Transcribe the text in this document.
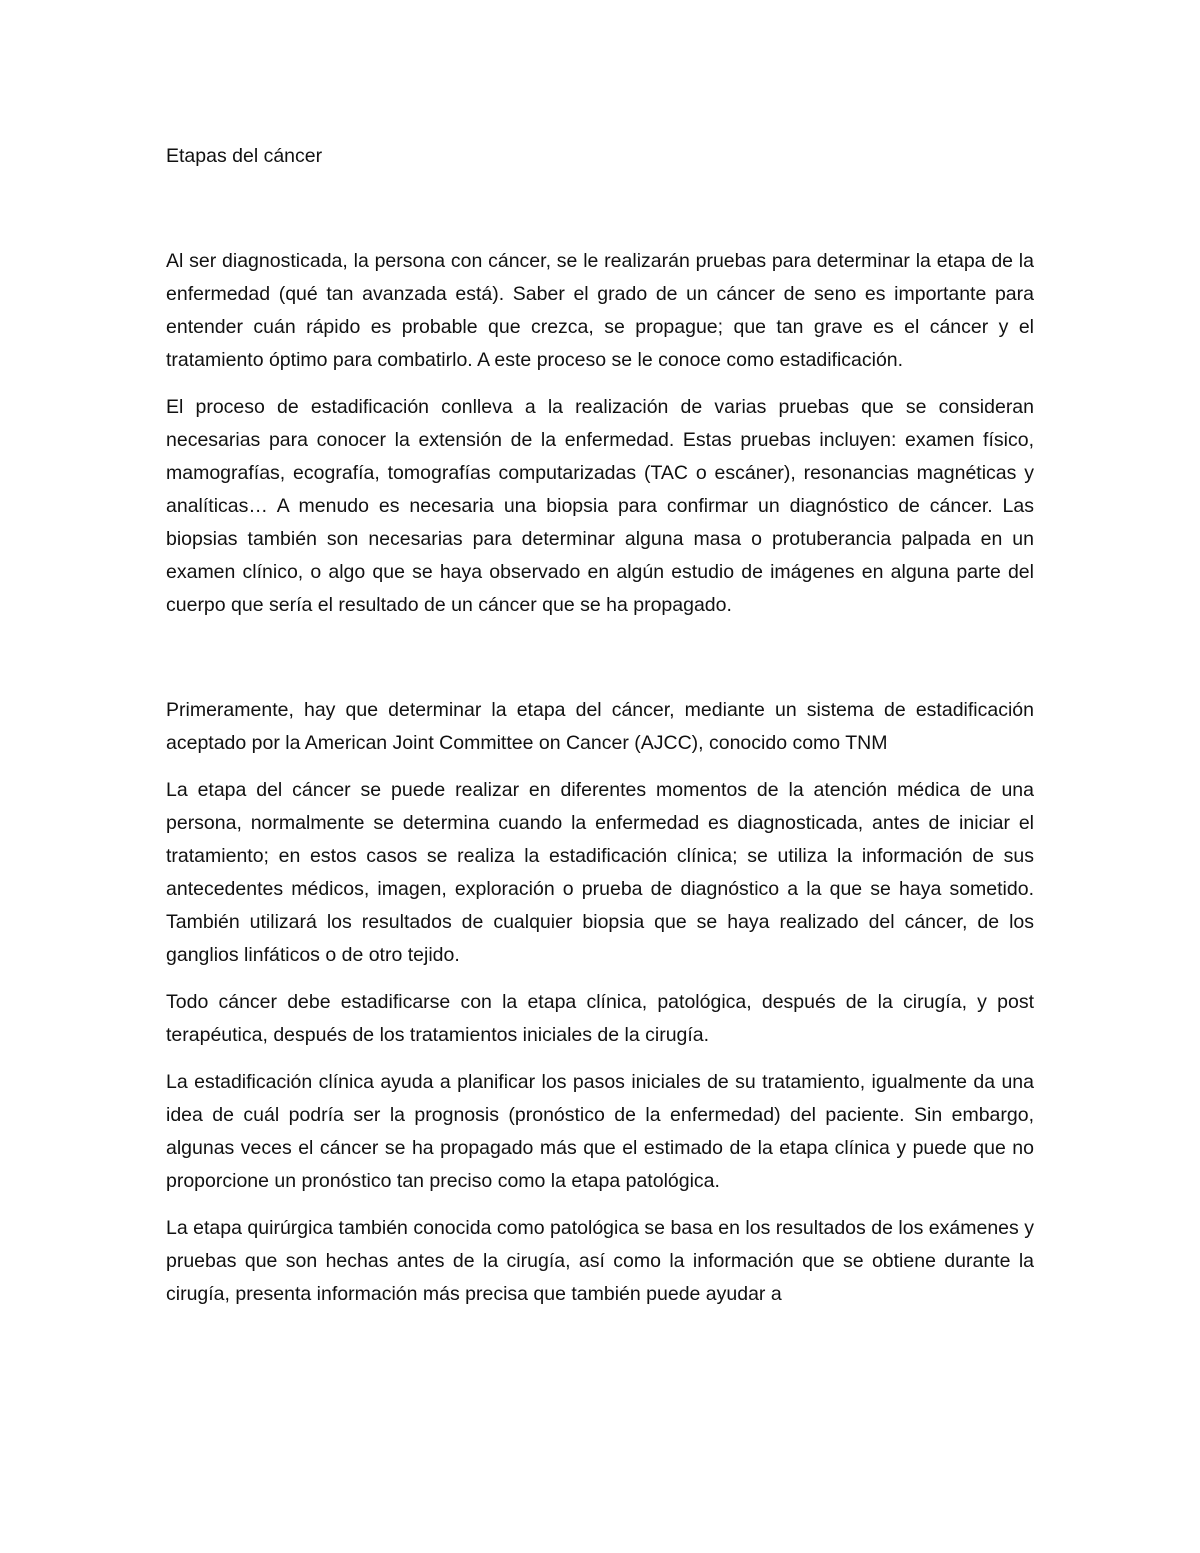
Etapas del cáncer

Al ser diagnosticada, la persona con cáncer, se le realizarán pruebas para determinar la etapa de la enfermedad (qué tan avanzada está). Saber el grado de un cáncer de seno es importante para entender cuán rápido es probable que crezca, se propague; que tan grave es el cáncer y el tratamiento óptimo para combatirlo. A este proceso se le conoce como estadificación.

El proceso de estadificación conlleva a la realización de varias pruebas que se consideran necesarias para conocer la extensión de la enfermedad. Estas pruebas incluyen: examen físico, mamografías, ecografía, tomografías computarizadas (TAC o escáner), resonancias magnéticas y analíticas… A menudo es necesaria una biopsia para confirmar un diagnóstico de cáncer. Las biopsias también son necesarias para determinar alguna masa o protuberancia palpada en un examen clínico, o algo que se haya observado en algún estudio de imágenes en alguna parte del cuerpo que sería el resultado de un cáncer que se ha propagado.

Primeramente, hay que determinar la etapa del cáncer, mediante un sistema de estadificación aceptado por la American Joint Committee on Cancer (AJCC), conocido como TNM

La etapa del cáncer se puede realizar en diferentes momentos de la atención médica de una persona, normalmente se determina cuando la enfermedad es diagnosticada, antes de iniciar el tratamiento; en estos casos se realiza la estadificación clínica; se utiliza la información de sus antecedentes médicos, imagen, exploración o prueba de diagnóstico a la que se haya sometido. También utilizará los resultados de cualquier biopsia que se haya realizado del cáncer, de los ganglios linfáticos o de otro tejido.

Todo cáncer debe estadificarse con la etapa clínica, patológica, después de la cirugía, y post terapéutica, después de los tratamientos iniciales de la cirugía.

La estadificación clínica ayuda a planificar los pasos iniciales de su tratamiento, igualmente da una idea de cuál podría ser la prognosis (pronóstico de la enfermedad) del paciente. Sin embargo, algunas veces el cáncer se ha propagado más que el estimado de la etapa clínica y puede que no proporcione un pronóstico tan preciso como la etapa patológica.

La etapa quirúrgica también conocida como patológica se basa en los resultados de los exámenes y pruebas que son hechas antes de la cirugía, así como la información que se obtiene durante la cirugía, presenta información más precisa que también puede ayudar a
